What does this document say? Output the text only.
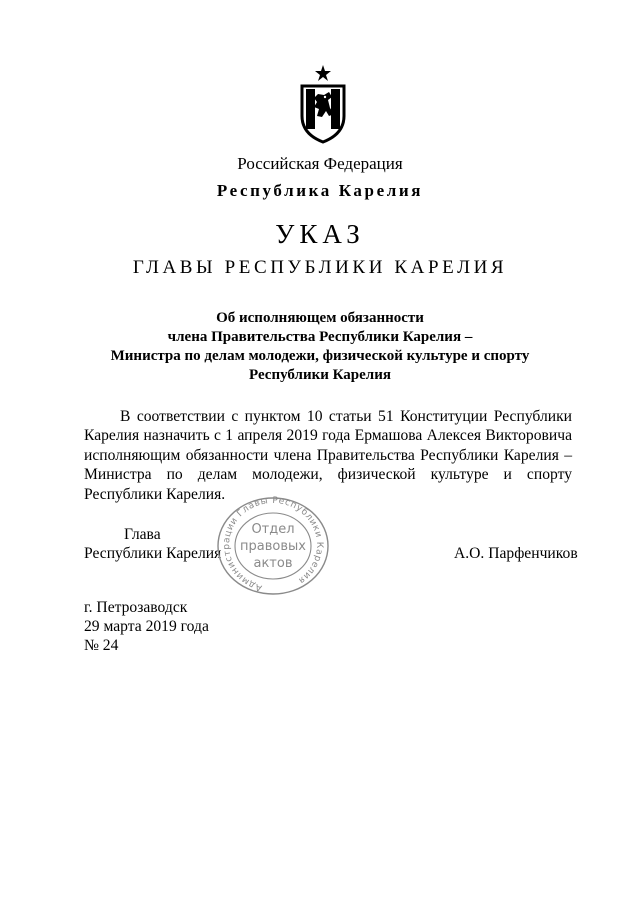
Российская Федерация
Республика Карелия
УКАЗ
ГЛАВЫ РЕСПУБЛИКИ КАРЕЛИЯ
Об исполняющем обязанности
члена Правительства Республики Карелия –
Министра по делам молодежи, физической культуре и спорту
Республики Карелия
В соответствии с пунктом 10 статьи 51 Конституции Республики Карелия назначить с 1 апреля 2019 года Ермашова Алексея Викторовича исполняющим обязанности члена Правительства Республики Карелия – Министра по делам молодежи, физической культуре и спорту Республики Карелия.
Глава
Республики Карелия	А.О. Парфенчиков
Администрации Главы Республики Карелия
Отдел
правовых
актов
г. Петрозаводск
29 марта 2019 года
№ 24
